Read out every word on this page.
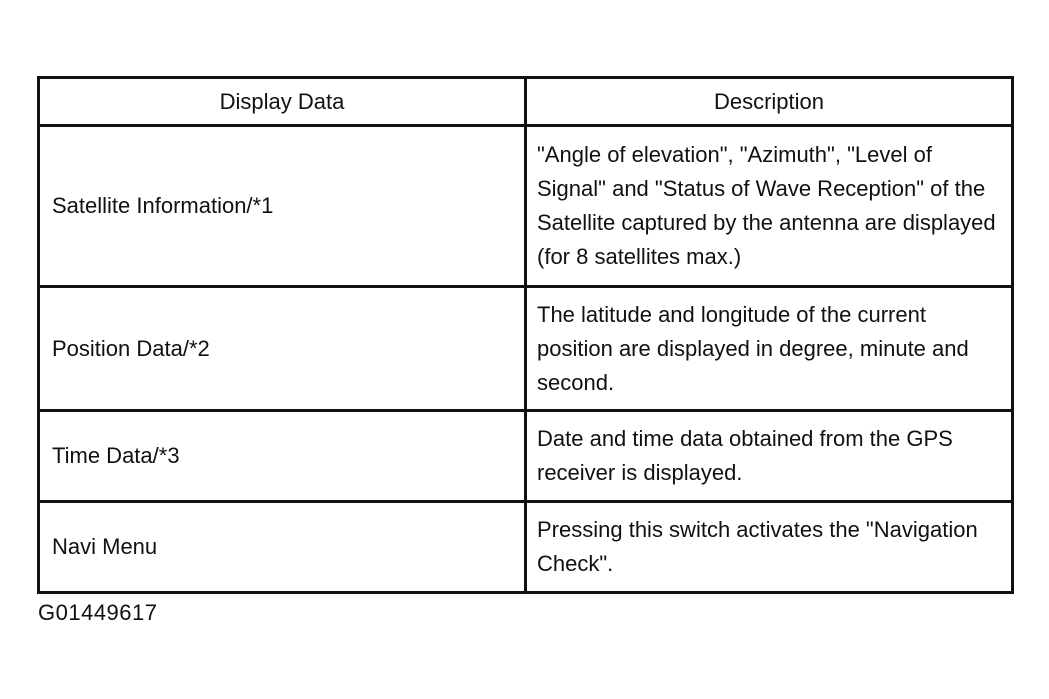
Display Data	Description
Satellite Information/*1	"Angle of elevation", "Azimuth", "Level of Signal" and "Status of Wave Reception" of the Satellite captured by the antenna are displayed (for 8 satellites max.)
Position Data/*2	The latitude and longitude of the current position are displayed in degree, minute and second.
Time Data/*3	Date and time data obtained from the GPS receiver is displayed.
Navi Menu	Pressing this switch activates the "Navigation Check".
G01449617
